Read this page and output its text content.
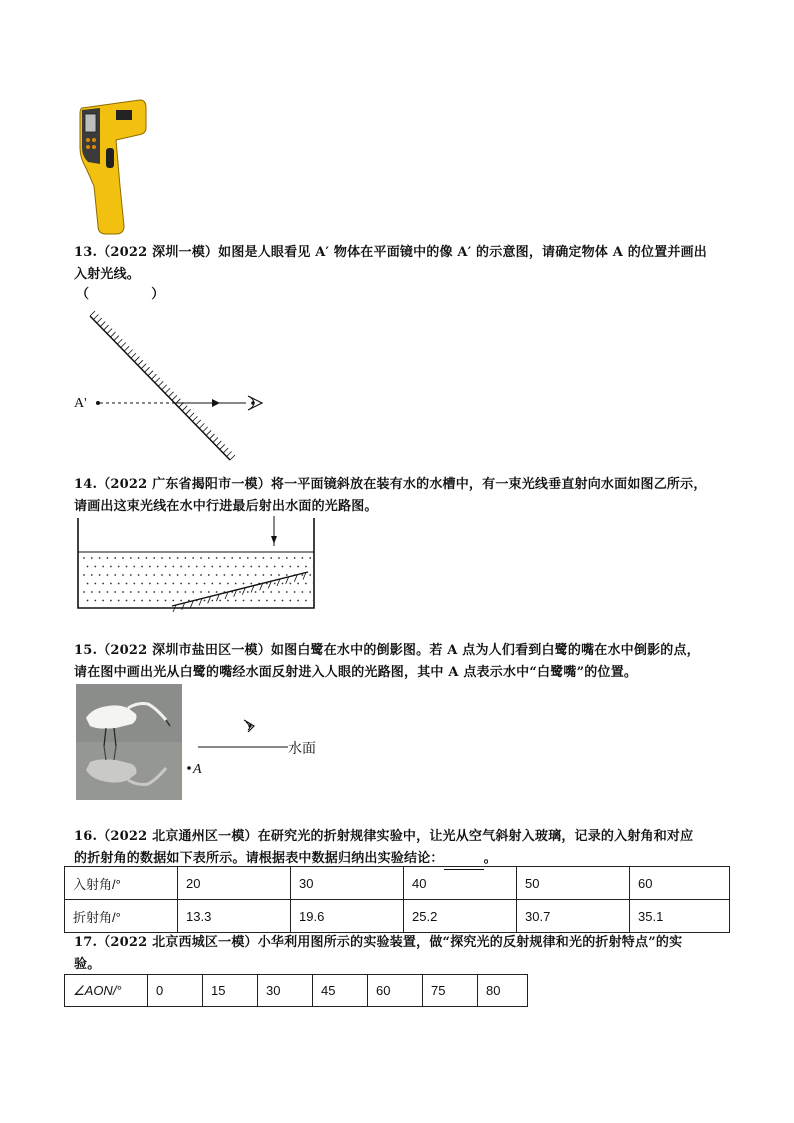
13.（2022 深圳一模）如图是人眼看见 A′ 物体在平面镜中的像 A′ 的示意图，请确定物体 A 的位置并画出
入射光线。
（	）
A'
14.（2022 广东省揭阳市一模）将一平面镜斜放在装有水的水槽中，有一束光线垂直射向水面如图乙所示，
请画出这束光线在水中行进最后射出水面的光路图。
15.（2022 深圳市盐田区一模）如图白鹭在水中的倒影图。若 A 点为人们看到白鹭的嘴在水中倒影的点，
请在图中画出光从白鹭的嘴经水面反射进入人眼的光路图，其中 A 点表示水中“白鹭嘴”的位置。
水面
A
16.（2022 北京通州区一模）在研究光的折射规律实验中，让光从空气斜射入玻璃，记录的入射角和对应
的折射角的数据如下表所示。请根据表中数据归纳出实验结论：	。
入射角/°	20	30	40	50	60
折射角/°	13.3	19.6	25.2	30.7	35.1
17.（2022 北京西城区一模）小华利用图所示的实验装置，做“探究光的反射规律和光的折射特点”的实
验。
∠AON/°	0	15	30	45	60	75	80
